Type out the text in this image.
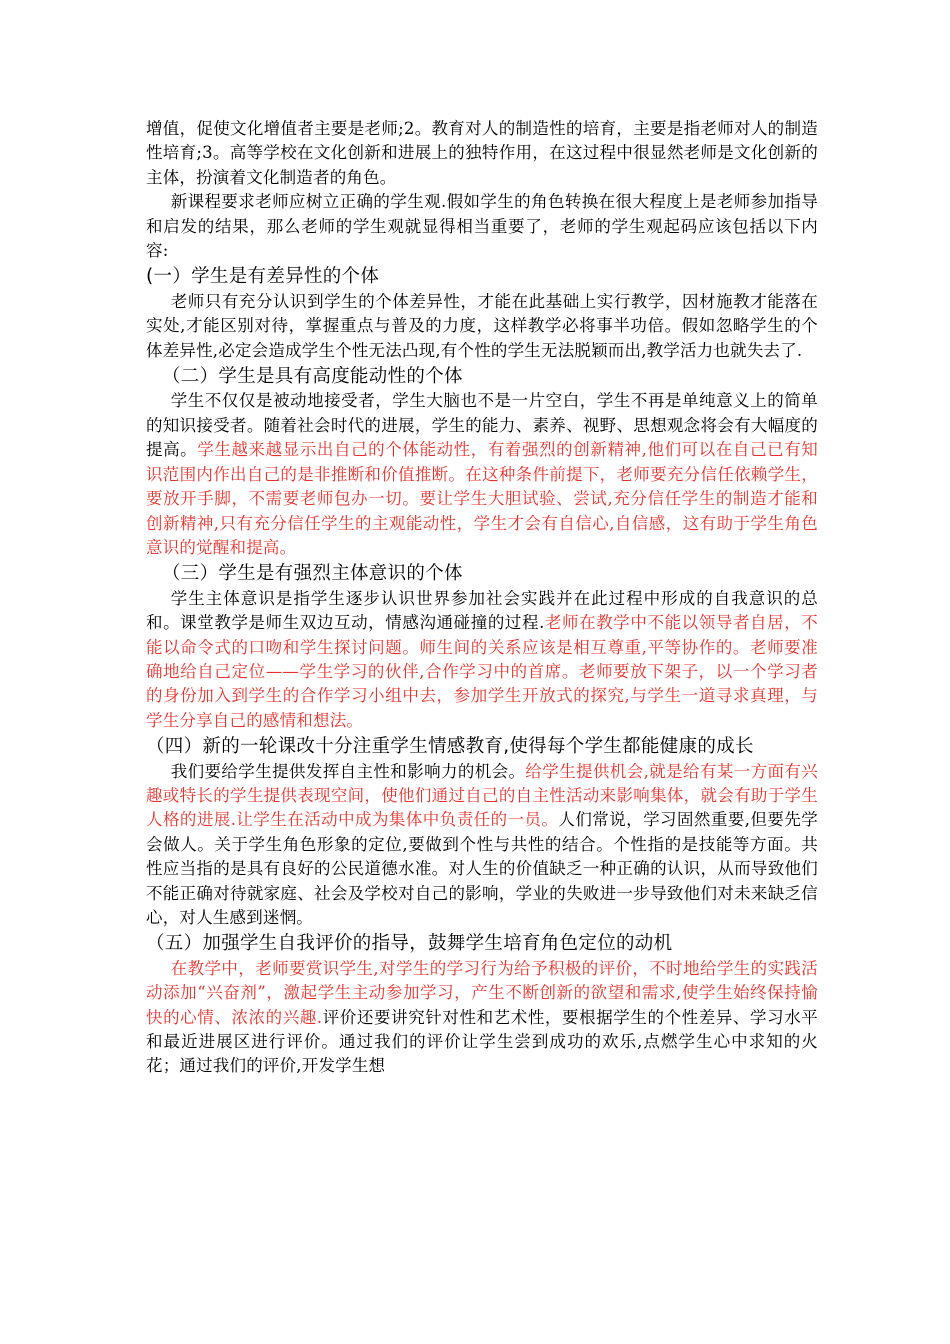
增值，促使文化增值者主要是老师;2。教育对人的制造性的培育，主要是指老师对人的制造性培育;3。高等学校在文化创新和进展上的独特作用，在这过程中很显然老师是文化创新的主体，扮演着文化制造者的角色。

新课程要求老师应树立正确的学生观.假如学生的角色转换在很大程度上是老师参加指导和启发的结果，那么老师的学生观就显得相当重要了，老师的学生观起码应该包括以下内容:

(一）学生是有差异性的个体

老师只有充分认识到学生的个体差异性，才能在此基础上实行教学，因材施教才能落在实处,才能区别对待，掌握重点与普及的力度，这样教学必将事半功倍。假如忽略学生的个体差异性,必定会造成学生个性无法凸现,有个性的学生无法脱颖而出,教学活力也就失去了.

（二）学生是具有高度能动性的个体

学生不仅仅是被动地接受者，学生大脑也不是一片空白，学生不再是单纯意义上的简单的知识接受者。随着社会时代的进展，学生的能力、素养、视野、思想观念将会有大幅度的提高。学生越来越显示出自己的个体能动性，有着强烈的创新精神,他们可以在自己已有知识范围内作出自己的是非推断和价值推断。在这种条件前提下，老师要充分信任依赖学生，要放开手脚，不需要老师包办一切。要让学生大胆试验、尝试,充分信任学生的制造才能和创新精神,只有充分信任学生的主观能动性，学生才会有自信心,自信感，这有助于学生角色意识的觉醒和提高。

（三）学生是有强烈主体意识的个体

学生主体意识是指学生逐步认识世界参加社会实践并在此过程中形成的自我意识的总和。课堂教学是师生双边互动，情感沟通碰撞的过程.老师在教学中不能以领导者自居，不能以命令式的口吻和学生探讨问题。师生间的关系应该是相互尊重,平等协作的。老师要准确地给自己定位——学生学习的伙伴,合作学习中的首席。老师要放下架子，以一个学习者的身份加入到学生的合作学习小组中去，参加学生开放式的探究,与学生一道寻求真理，与学生分享自己的感情和想法。

（四）新的一轮课改十分注重学生情感教育,使得每个学生都能健康的成长

我们要给学生提供发挥自主性和影响力的机会。给学生提供机会,就是给有某一方面有兴趣或特长的学生提供表现空间，使他们通过自己的自主性活动来影响集体，就会有助于学生人格的进展.让学生在活动中成为集体中负责任的一员。人们常说，学习固然重要,但要先学会做人。关于学生角色形象的定位,要做到个性与共性的结合。个性指的是技能等方面。共性应当指的是具有良好的公民道德水准。对人生的价值缺乏一种正确的认识，从而导致他们不能正确对待就家庭、社会及学校对自己的影响，学业的失败进一步导致他们对未来缺乏信心，对人生感到迷惘。

（五）加强学生自我评价的指导，鼓舞学生培育角色定位的动机

在教学中，老师要赏识学生,对学生的学习行为给予积极的评价，不时地给学生的实践活动添加“兴奋剂”，激起学生主动参加学习，产生不断创新的欲望和需求,使学生始终保持愉快的心情、浓浓的兴趣.评价还要讲究针对性和艺术性，要根据学生的个性差异、学习水平和最近进展区进行评价。通过我们的评价让学生尝到成功的欢乐,点燃学生心中求知的火花；通过我们的评价,开发学生想
